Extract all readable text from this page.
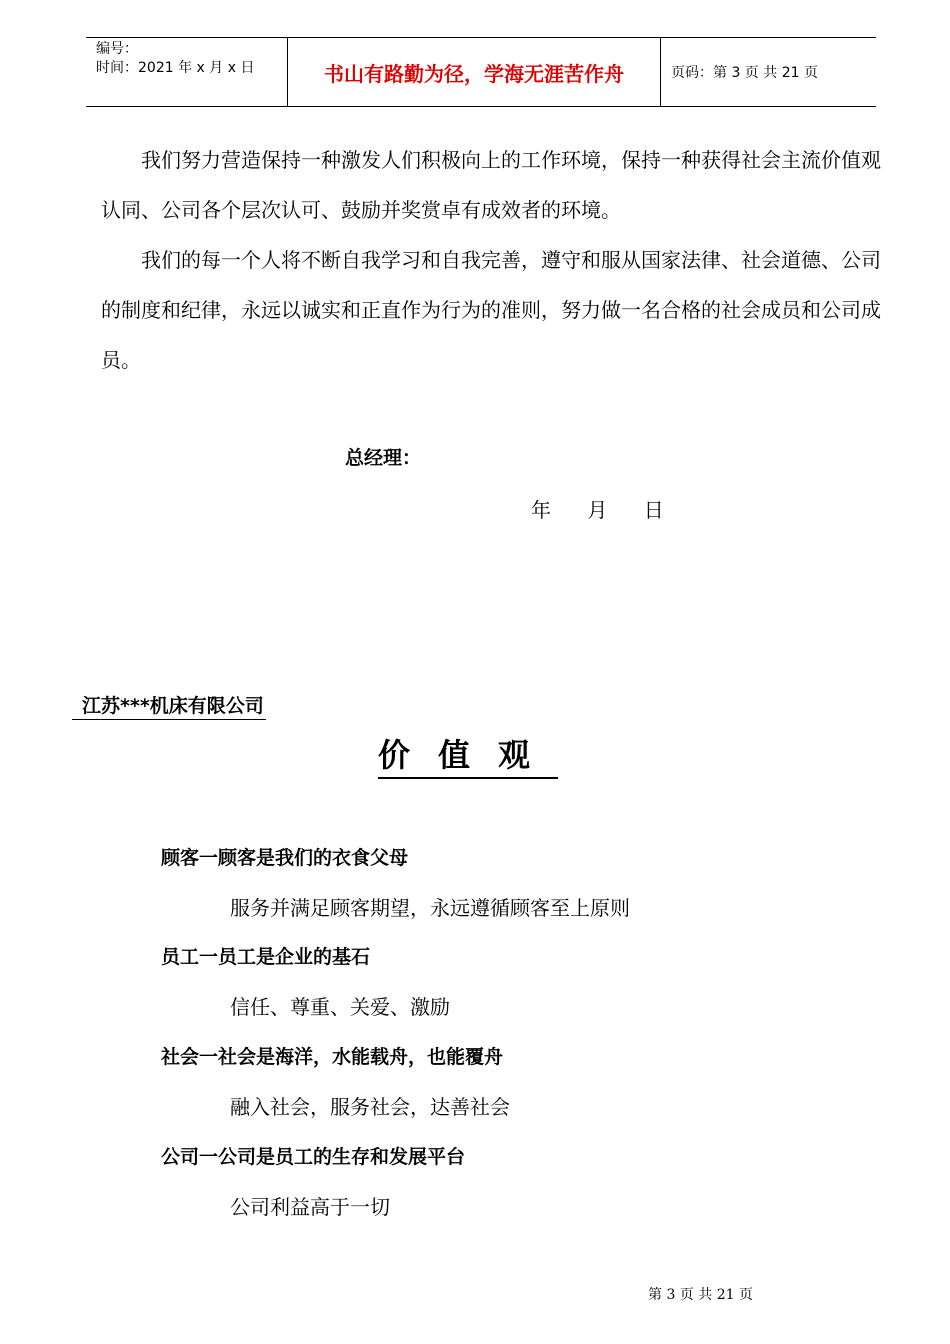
编号：
时间：2021 年 x 月 x 日	书山有路勤为径，学海无涯苦作舟	页码：第 3 页 共 21 页

我们努力营造保持一种激发人们积极向上的工作环境，保持一种获得社会主流价值观认同、公司各个层次认可、鼓励并奖赏卓有成效者的环境。

我们的每一个人将不断自我学习和自我完善，遵守和服从国家法律、社会道德、公司的制度和纪律，永远以诚实和正直作为行为的准则，努力做一名合格的社会成员和公司成员。

总经理：
年 月 日
江苏***机床有限公司
价值观
顾客一顾客是我们的衣食父母
服务并满足顾客期望，永远遵循顾客至上原则
员工一员工是企业的基石
信任、尊重、关爱、激励
社会一社会是海洋，水能载舟，也能覆舟
融入社会，服务社会，达善社会
公司一公司是员工的生存和发展平台
公司利益高于一切
第 3 页 共 21 页
